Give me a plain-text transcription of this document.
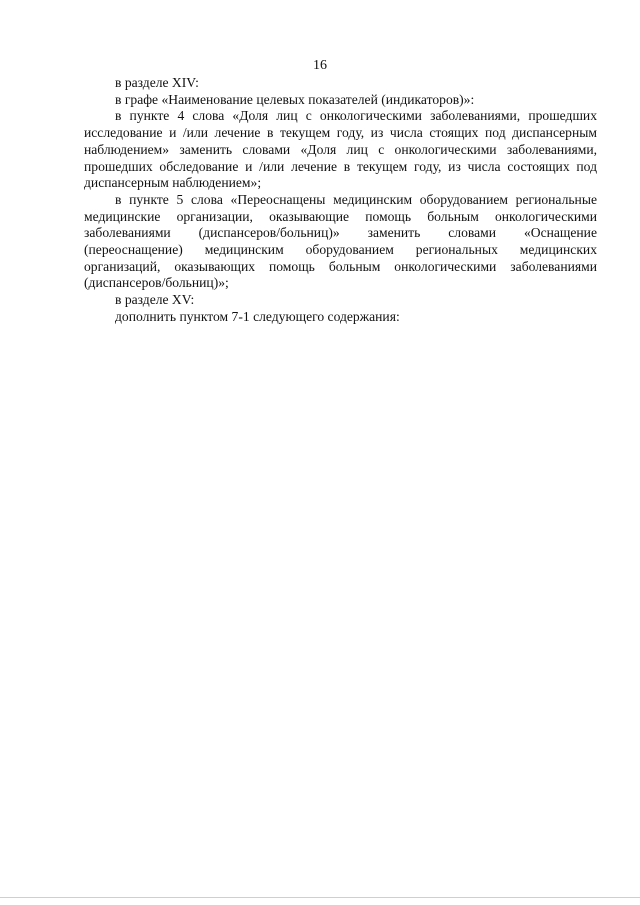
16

в разделе XIV:

в графе «Наименование целевых показателей (индикаторов)»:

в пункте 4 слова «Доля лиц с онкологическими заболеваниями, прошедших исследование и /или лечение в текущем году, из числа стоящих под диспансерным наблюдением» заменить словами «Доля лиц с онкологическими заболеваниями, прошедших обследование и /или лечение в текущем году, из числа состоящих под диспансерным наблюдением»;

в пункте 5 слова «Переоснащены медицинским оборудованием региональные медицинские организации, оказывающие помощь больным онкологическими заболеваниями (диспансеров/больниц)» заменить словами «Оснащение (переоснащение) медицинским оборудованием региональных медицинских организаций, оказывающих помощь больным онкологическими заболеваниями (диспансеров/больниц)»;

в разделе XV:

дополнить пунктом 7-1 следующего содержания:
